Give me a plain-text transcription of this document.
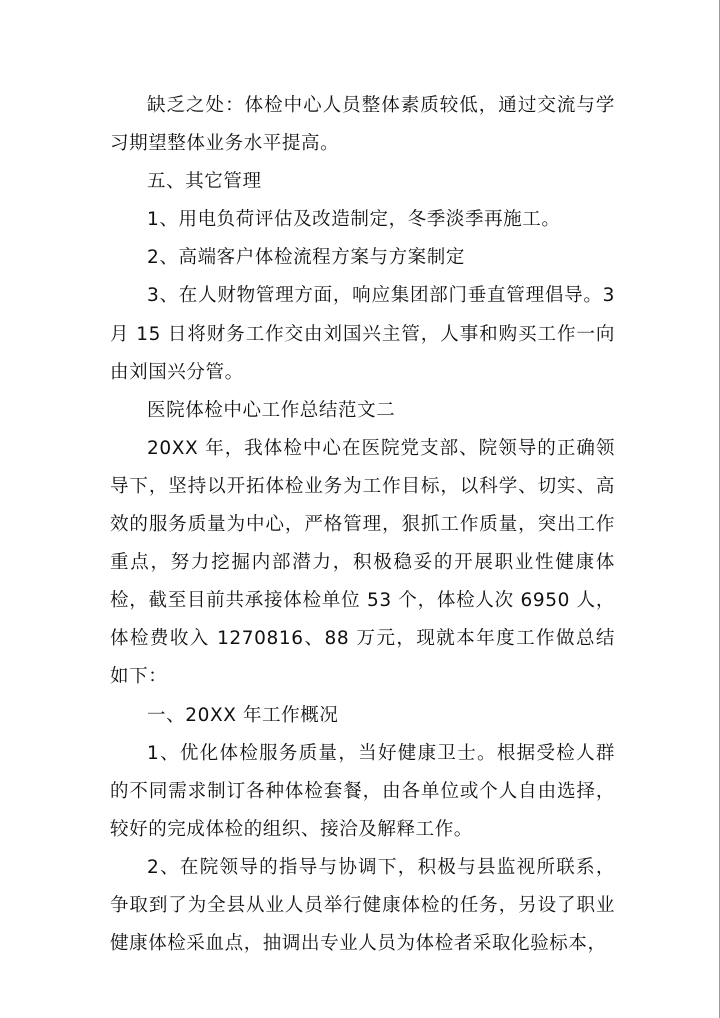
缺乏之处：体检中心人员整体素质较低，通过交流与学习期望整体业务水平提高。

五、其它管理

1、用电负荷评估及改造制定，冬季淡季再施工。

2、高端客户体检流程方案与方案制定

3、在人财物管理方面，响应集团部门垂直管理倡导。3月 15 日将财务工作交由刘国兴主管，人事和购买工作一向由刘国兴分管。

医院体检中心工作总结范文二

20XX 年，我体检中心在医院党支部、院领导的正确领导下，坚持以开拓体检业务为工作目标，以科学、切实、高效的服务质量为中心，严格管理，狠抓工作质量，突出工作重点，努力挖掘内部潜力，积极稳妥的开展职业性健康体检，截至目前共承接体检单位 53 个，体检人次 6950 人，体检费收入 1270816、88 万元，现就本年度工作做总结如下：

一、20XX 年工作概况

1、优化体检服务质量，当好健康卫士。根据受检人群的不同需求制订各种体检套餐，由各单位或个人自由选择，较好的完成体检的组织、接洽及解释工作。

2、在院领导的指导与协调下，积极与县监视所联系，争取到了为全县从业人员举行健康体检的任务，另设了职业健康体检采血点，抽调出专业人员为体检者采取化验标本，
